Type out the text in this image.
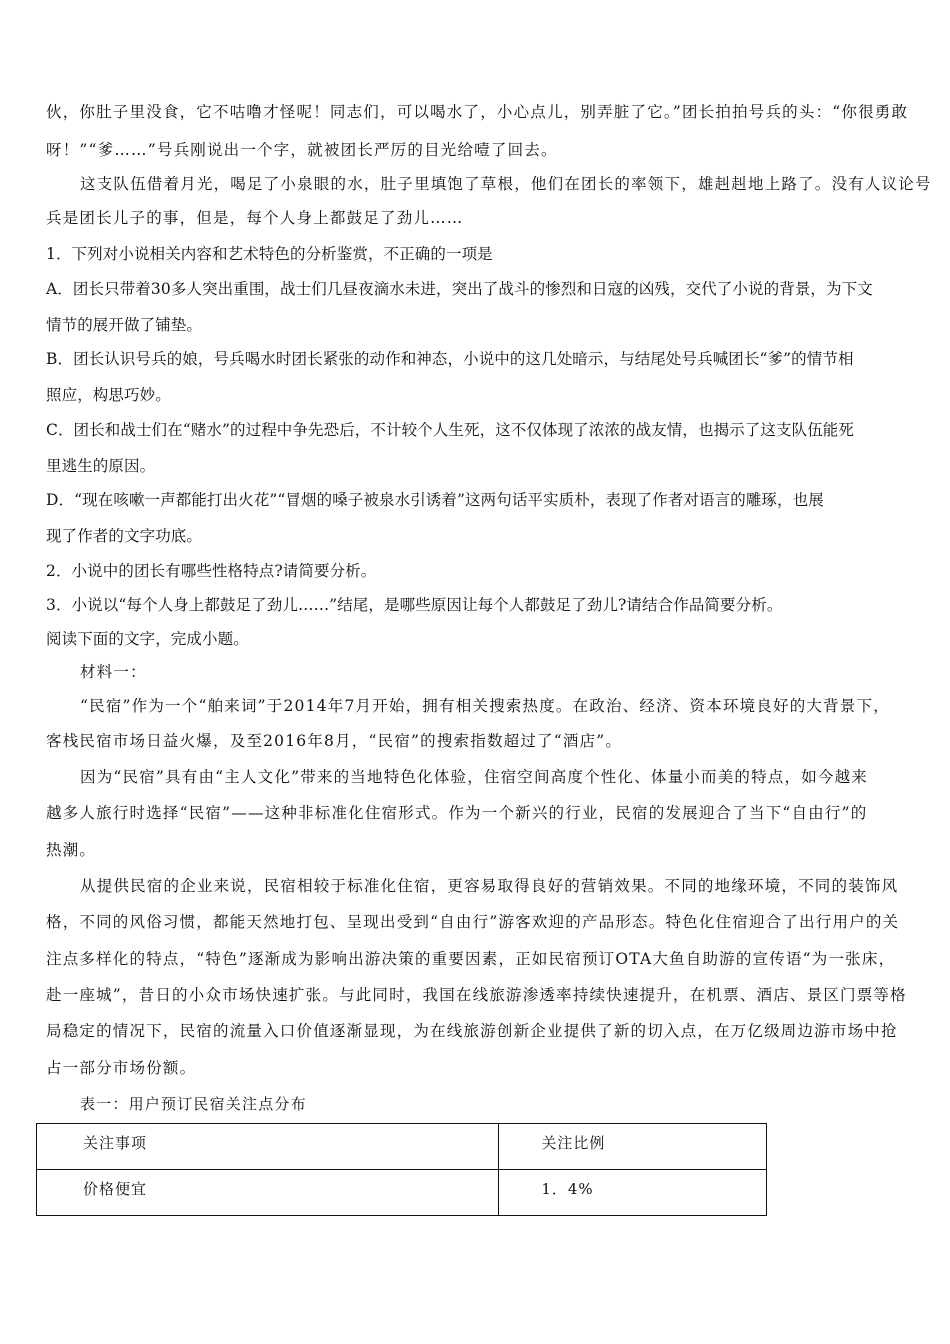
伙，你肚子里没食，它不咕噜才怪呢！同志们，可以喝水了，小心点儿，别弄脏了它。”团长拍拍号兵的头：“你很勇敢
呀！”“爹……”号兵刚说出一个字，就被团长严厉的目光给噎了回去。
这支队伍借着月光，喝足了小泉眼的水，肚子里填饱了草根，他们在团长的率领下，雄赳赳地上路了。没有人议论号
兵是团长儿子的事，但是，每个人身上都鼓足了劲儿……
1．下列对小说相关内容和艺术特色的分析鉴赏，不正确的一项是
A．团长只带着30多人突出重围，战士们几昼夜滴水未进，突出了战斗的惨烈和日寇的凶残，交代了小说的背景，为下文
情节的展开做了铺垫。
B．团长认识号兵的娘，号兵喝水时团长紧张的动作和神态，小说中的这几处暗示，与结尾处号兵喊团长“爹”的情节相
照应，构思巧妙。
C．团长和战士们在“赌水”的过程中争先恐后，不计较个人生死，这不仅体现了浓浓的战友情，也揭示了这支队伍能死
里逃生的原因。
D．“现在咳嗽一声都能打出火花”“冒烟的嗓子被泉水引诱着”这两句话平实质朴，表现了作者对语言的雕琢，也展
现了作者的文字功底。
2．小说中的团长有哪些性格特点?请简要分析。
3．小说以“每个人身上都鼓足了劲儿……”结尾，是哪些原因让每个人都鼓足了劲儿?请结合作品简要分析。
阅读下面的文字，完成小题。
材料一：
“民宿”作为一个“舶来词”于2014年7月开始，拥有相关搜索热度。在政治、经济、资本环境良好的大背景下，
客栈民宿市场日益火爆，及至2016年8月，“民宿”的搜索指数超过了“酒店”。
因为“民宿”具有由“主人文化”带来的当地特色化体验，住宿空间高度个性化、体量小而美的特点，如今越来
越多人旅行时选择“民宿”——这种非标准化住宿形式。作为一个新兴的行业，民宿的发展迎合了当下“自由行”的
热潮。
从提供民宿的企业来说，民宿相较于标准化住宿，更容易取得良好的营销效果。不同的地缘环境，不同的装饰风
格，不同的风俗习惯，都能天然地打包、呈现出受到“自由行”游客欢迎的产品形态。特色化住宿迎合了出行用户的关
注点多样化的特点，“特色”逐渐成为影响出游决策的重要因素，正如民宿预订OTA大鱼自助游的宣传语“为一张床，
赴一座城”，昔日的小众市场快速扩张。与此同时，我国在线旅游渗透率持续快速提升，在机票、酒店、景区门票等格
局稳定的情况下，民宿的流量入口价值逐渐显现，为在线旅游创新企业提供了新的切入点，在万亿级周边游市场中抢
占一部分市场份额。
表一：用户预订民宿关注点分布
关注事项	关注比例
价格便宜	1．4%
